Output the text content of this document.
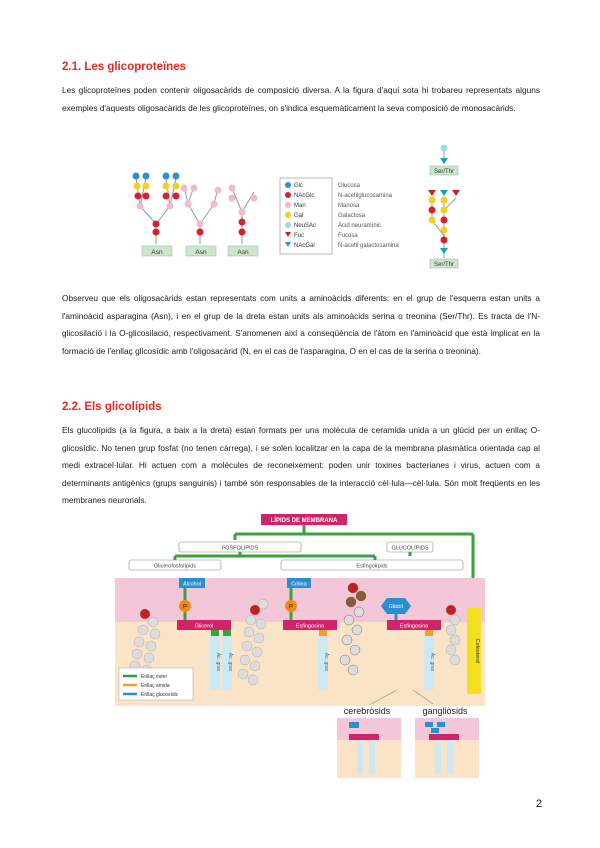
2.1. Les glicoproteïnes

Les glicoproteïnes poden contenir oligosacàrids de composició diversa. A la figura d'aquí sota hi trobareu representats alguns exemples d'aquests oligosacàrids de les glicoproteïnes, on s'indica esquemàticament la seva composició de monosacàrids.

Asn	Asn	Asn
Glc
NAcGlc
Man
Gal
NeuSAc
Fuc
NAcGal
Glucosa
N-acetilglucosamina
Manosa
Galactosa
Àcid neuramínic
Fucosa
N-acetil galactosamina
Ser/Thr
Ser/Thr

Observeu que els oligosacàrids estan representats com units a aminoàcids diferents: en el grup de l'esquerra estan units a l'aminoàcid asparagina (Asn), i en el grup de la dreta estan units als aminoàcids serina o treonina (Ser/Thr). Es tracta de l'N-glicosilació i la O-glicosilació, respectivament. S'anomenen així a conseqüència de l'àtom en l'aminoàcid que està implicat en la formació de l'enllaç glicosídic amb l'oligosacàrid (N, en el cas de l'asparagina, O en el cas de la serina o treonina).

2.2. Els glicolípids

Els glucolípids (a la figura, a baix a la dreta) estan formats per una molècula de ceramida unida a un glúcid per un enllaç O-glicosídic. No tenen grup fosfat (no tenen càrrega), i se solen localitzar en la capa de la membrana plasmàtica orientada cap al medi extracel·lular. Hi actuen com a molècules de reconeixement: poden unir toxines bacterianes i virus, actuen com a determinants antigènics (grups sanguinis) i també són responsables de la interacció cèl·lula—cèl·lula. Són molt freqüents en les membranes neuronals.

LÍPIDS DE MEMBRANA
FOSFOLÍPIDS	GLUCOLÍPIDS
Glicerofosfolípids	Esfingolípids
Alcohol
P
Glicerol
Àc. gras Àc. gras
Colina
P
Esfingosina
Àc. gras
Glúcid
Esfingosina
Àc. gras	Colesterol
Enllaç èster
Enllaç amida
Enllaç glucosídic
cerebròsids	gangliòsids
2
